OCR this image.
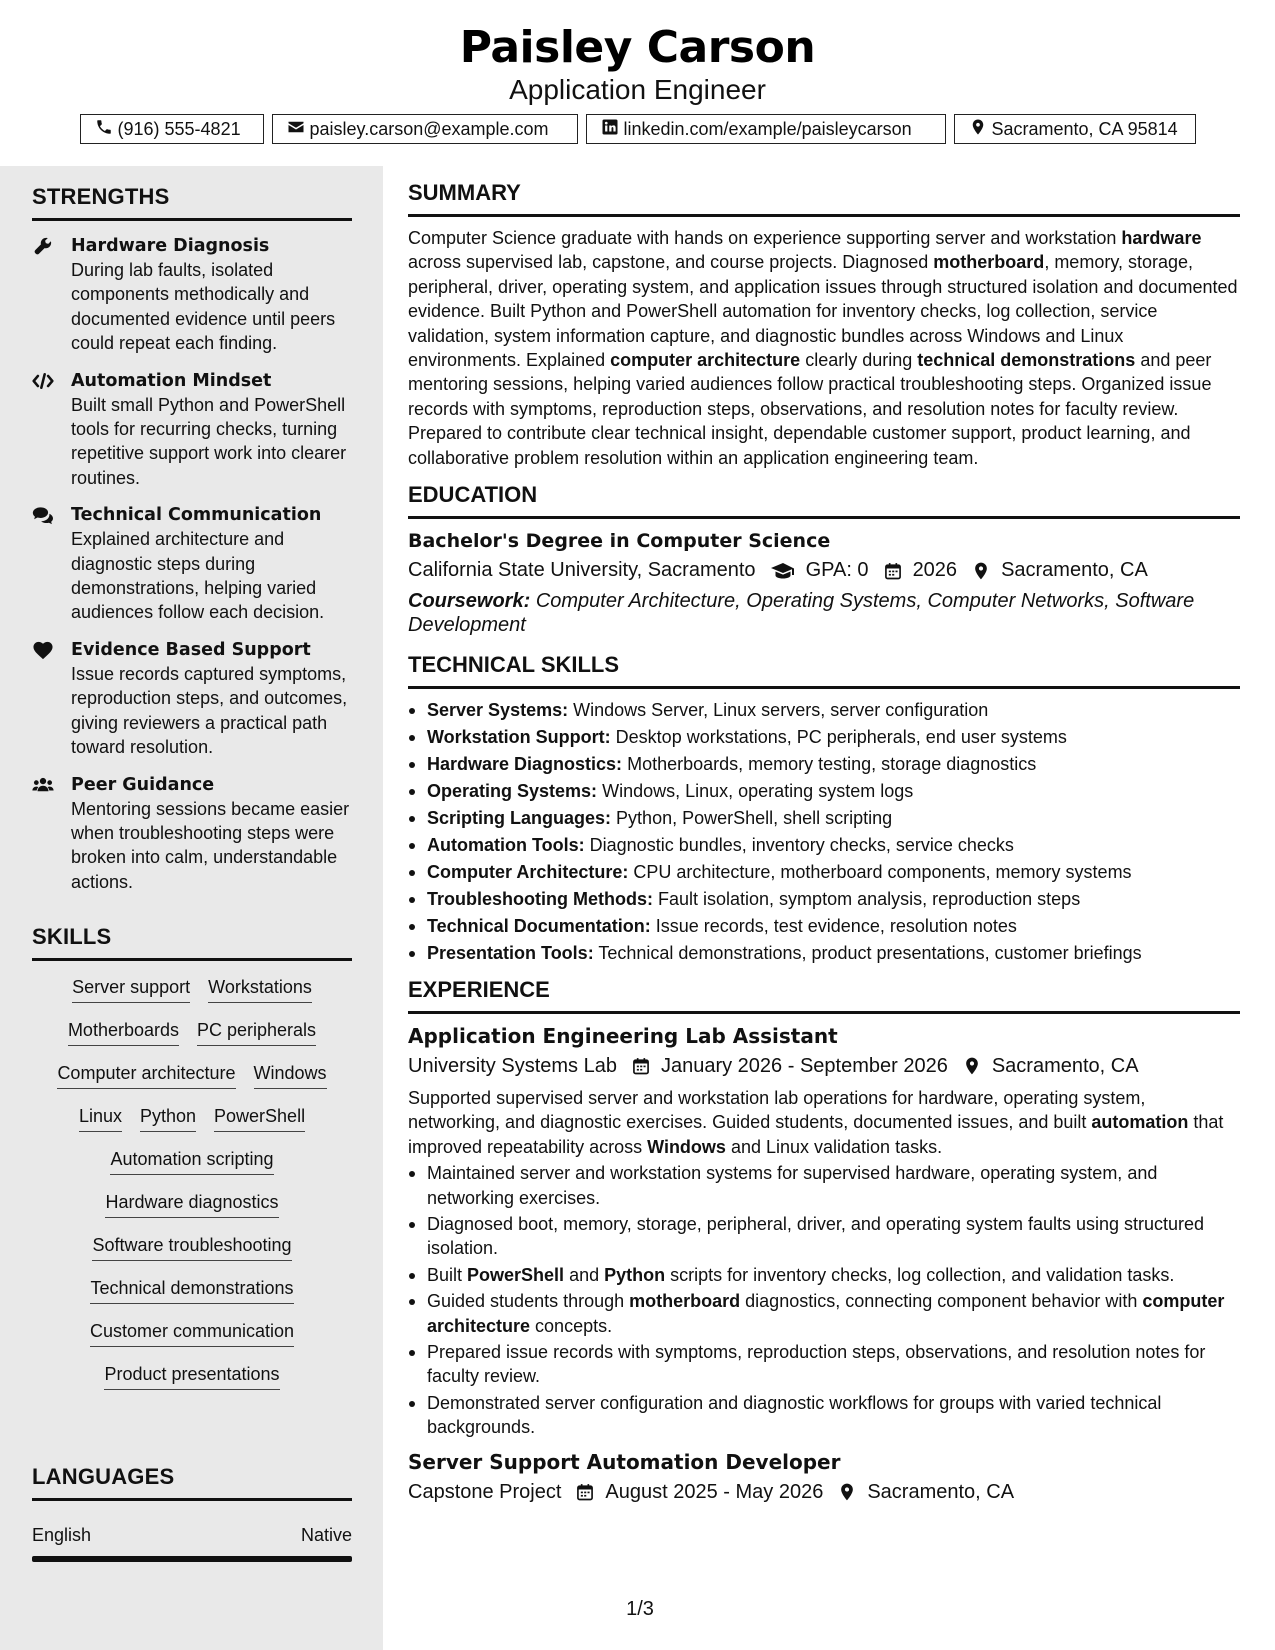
Paisley Carson
Application Engineer
(916) 555-4821	paisley.carson@example.com	linkedin.com/example/paisleycarson	Sacramento, CA 95814
STRENGTHS
Hardware Diagnosis
During lab faults, isolated components methodically and documented evidence until peers could repeat each finding.
Automation Mindset
Built small Python and PowerShell tools for recurring checks, turning repetitive support work into clearer routines.
Technical Communication
Explained architecture and diagnostic steps during demonstrations, helping varied audiences follow each decision.
Evidence Based Support
Issue records captured symptoms, reproduction steps, and outcomes, giving reviewers a practical path toward resolution.
Peer Guidance
Mentoring sessions became easier when troubleshooting steps were broken into calm, understandable actions.
SKILLS
Server support Workstations
Motherboards PC peripherals
Computer architecture Windows
Linux Python PowerShell
Automation scripting
Hardware diagnostics
Software troubleshooting
Technical demonstrations
Customer communication
Product presentations
LANGUAGES
English	Native
SUMMARY
Computer Science graduate with hands on experience supporting server and workstation hardware across supervised lab, capstone, and course projects. Diagnosed motherboard, memory, storage, peripheral, driver, operating system, and application issues through structured isolation and documented evidence. Built Python and PowerShell automation for inventory checks, log collection, service validation, system information capture, and diagnostic bundles across Windows and Linux environments. Explained computer architecture clearly during technical demonstrations and peer mentoring sessions, helping varied audiences follow practical troubleshooting steps. Organized issue records with symptoms, reproduction steps, observations, and resolution notes for faculty review. Prepared to contribute clear technical insight, dependable customer support, product learning, and collaborative problem resolution within an application engineering team.
EDUCATION
Bachelor's Degree in Computer Science
California State University, Sacramento	GPA: 0 2026 Sacramento, CA
Coursework: Computer Architecture, Operating Systems, Computer Networks, Software Development
TECHNICAL SKILLS
Server Systems: Windows Server, Linux servers, server configuration
Workstation Support: Desktop workstations, PC peripherals, end user systems
Hardware Diagnostics: Motherboards, memory testing, storage diagnostics
Operating Systems: Windows, Linux, operating system logs
Scripting Languages: Python, PowerShell, shell scripting
Automation Tools: Diagnostic bundles, inventory checks, service checks
Computer Architecture: CPU architecture, motherboard components, memory systems
Troubleshooting Methods: Fault isolation, symptom analysis, reproduction steps
Technical Documentation: Issue records, test evidence, resolution notes
Presentation Tools: Technical demonstrations, product presentations, customer briefings
EXPERIENCE
Application Engineering Lab Assistant
University Systems Lab January 2026 - September 2026 Sacramento, CA
Supported supervised server and workstation lab operations for hardware, operating system, networking, and diagnostic exercises. Guided students, documented issues, and built automation that improved repeatability across Windows and Linux validation tasks.
Maintained server and workstation systems for supervised hardware, operating system, and networking exercises.
Diagnosed boot, memory, storage, peripheral, driver, and operating system faults using structured isolation.
Built PowerShell and Python scripts for inventory checks, log collection, and validation tasks.
Guided students through motherboard diagnostics, connecting component behavior with computer architecture concepts.
Prepared issue records with symptoms, reproduction steps, observations, and resolution notes for faculty review.
Demonstrated server configuration and diagnostic workflows for groups with varied technical backgrounds.
Server Support Automation Developer
Capstone Project August 2025 - May 2026 Sacramento, CA
1/3
